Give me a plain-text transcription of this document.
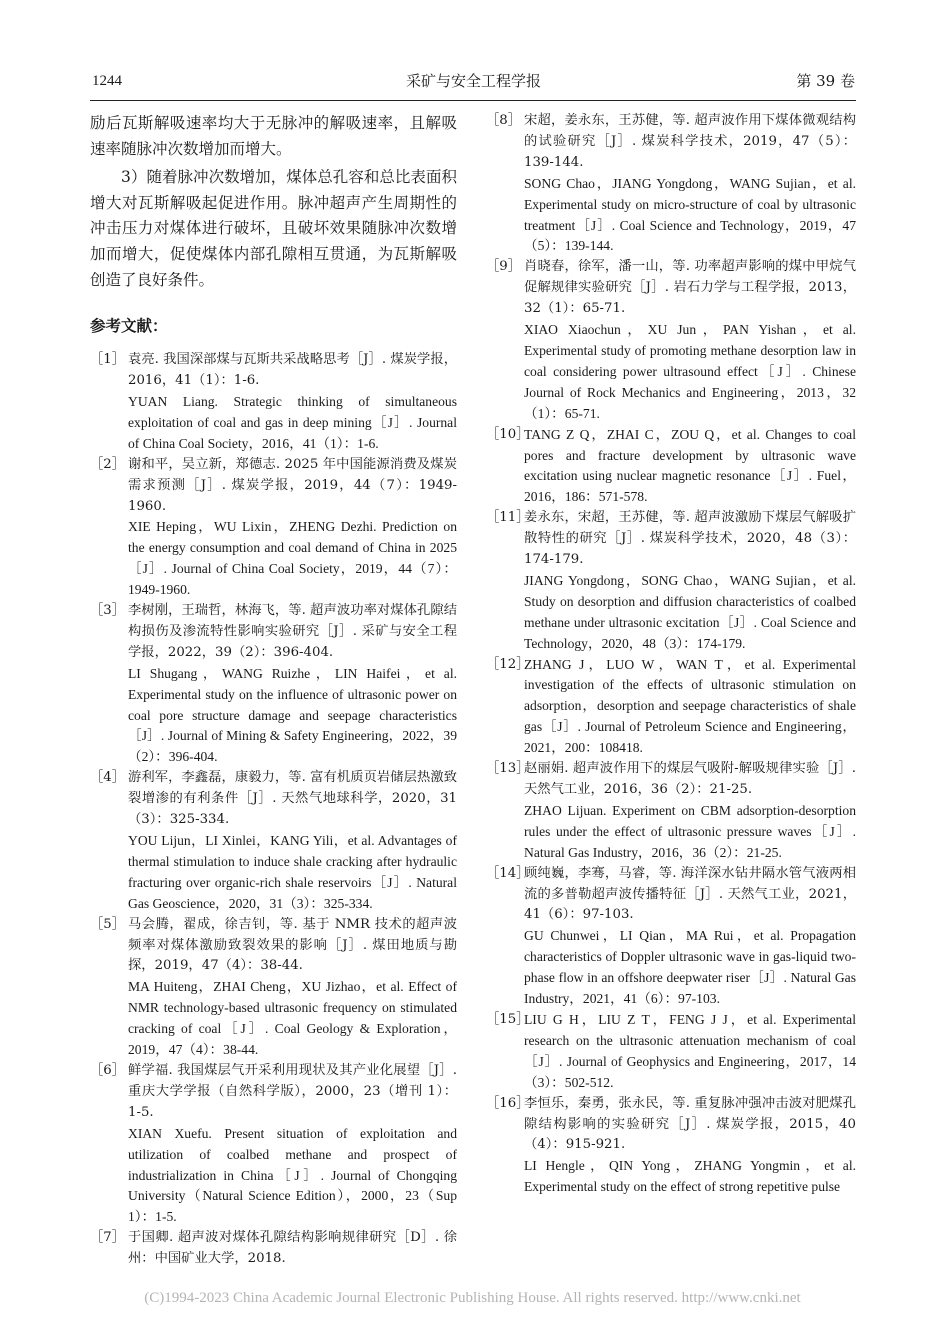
1244	采矿与安全工程学报	第 39 卷

励后瓦斯解吸速率均大于无脉冲的解吸速率，且解吸速率随脉冲次数增加而增大。

　　3）随着脉冲次数增加，煤体总孔容和总比表面积增大对瓦斯解吸起促进作用。脉冲超声产生周期性的冲击压力对煤体进行破坏，且破坏效果随脉冲次数增加而增大，促使煤体内部孔隙相互贯通，为瓦斯解吸创造了良好条件。

参考文献：
［1］ 袁亮. 我国深部煤与瓦斯共采战略思考［J］. 煤炭学报，2016，41（1）：1-6.

YUAN Liang. Strategic thinking of simultaneous exploitation of coal and gas in deep mining［J］. Journal of China Coal Society，2016，41（1）：1-6.

［2］ 谢和平，吴立新，郑德志. 2025 年中国能源消费及煤炭需求预测［J］. 煤炭学报，2019，44（7）：1949-1960.

XIE Heping，WU Lixin，ZHENG Dezhi. Prediction on the energy consumption and coal demand of China in 2025［J］. Journal of China Coal Society，2019，44（7）：1949-1960.

［3］ 李树刚，王瑞哲，林海飞，等. 超声波功率对煤体孔隙结构损伤及渗流特性影响实验研究［J］. 采矿与安全工程学报，2022，39（2）：396-404.

LI Shugang，WANG Ruizhe，LIN Haifei，et al. Experimental study on the influence of ultrasonic power on coal pore structure damage and seepage characteristics［J］. Journal of Mining & Safety Engineering，2022，39（2）：396-404.

［4］ 游利军，李鑫磊，康毅力，等. 富有机质页岩储层热激致裂增渗的有利条件［J］. 天然气地球科学，2020，31（3）：325-334.

YOU Lijun，LI Xinlei，KANG Yili，et al. Advantages of thermal stimulation to induce shale cracking after hydraulic fracturing over organic-rich shale reservoirs［J］. Natural Gas Geoscience，2020，31（3）：325-334.

［5］ 马会腾，翟成，徐吉钊，等. 基于 NMR 技术的超声波频率对煤体激励致裂效果的影响［J］. 煤田地质与勘探，2019，47（4）：38-44.

MA Huiteng，ZHAI Cheng，XU Jizhao，et al. Effect of NMR technology-based ultrasonic frequency on stimulated cracking of coal［J］. Coal Geology & Exploration，2019，47（4）：38-44.

［6］ 鲜学福. 我国煤层气开采利用现状及其产业化展望［J］. 重庆大学学报（自然科学版），2000，23（增刊 1）：1-5.

XIAN Xuefu. Present situation of exploitation and utilization of coalbed methane and prospect of industrialization in China［J］. Journal of Chongqing University（Natural Science Edition），2000，23（Sup 1）：1-5.

［7］ 于国卿. 超声波对煤体孔隙结构影响规律研究［D］. 徐州：中国矿业大学，2018.

［8］ 宋超，姜永东，王苏健，等. 超声波作用下煤体微观结构的试验研究［J］. 煤炭科学技术，2019，47（5）：139-144.

SONG Chao，JIANG Yongdong，WANG Sujian，et al. Experimental study on micro-structure of coal by ultrasonic treatment［J］. Coal Science and Technology，2019，47（5）：139-144.

［9］ 肖晓春，徐军，潘一山，等. 功率超声影响的煤中甲烷气促解规律实验研究［J］. 岩石力学与工程学报，2013，32（1）：65-71.

XIAO Xiaochun，XU Jun，PAN Yishan，et al. Experimental study of promoting methane desorption law in coal considering power ultrasound effect［J］. Chinese Journal of Rock Mechanics and Engineering，2013，32（1）：65-71.

［10］

TANG Z Q，ZHAI C，ZOU Q，et al. Changes to coal pores and fracture development by ultrasonic wave excitation using nuclear magnetic resonance［J］. Fuel，2016，186：571-578.

［11］

姜永东，宋超，王苏健，等. 超声波激励下煤层气解吸扩散特性的研究［J］. 煤炭科学技术，2020，48（3）：174-179.

JIANG Yongdong，SONG Chao，WANG Sujian，et al. Study on desorption and diffusion characteristics of coalbed methane under ultrasonic excitation［J］. Coal Science and Technology，2020，48（3）：174-179.

［12］

ZHANG J，LUO W，WAN T，et al. Experimental investigation of the effects of ultrasonic stimulation on adsorption，desorption and seepage characteristics of shale gas［J］. Journal of Petroleum Science and Engineering，2021，200：108418.

［13］

赵丽娟. 超声波作用下的煤层气吸附-解吸规律实验［J］. 天然气工业，2016，36（2）：21-25.

ZHAO Lijuan. Experiment on CBM adsorption-desorption rules under the effect of ultrasonic pressure waves［J］. Natural Gas Industry，2016，36（2）：21-25.

［14］

顾纯巍，李骞，马睿，等. 海洋深水钻井隔水管气液两相流的多普勒超声波传播特征［J］. 天然气工业，2021，41（6）：97-103.

GU Chunwei，LI Qian，MA Rui，et al. Propagation characteristics of Doppler ultrasonic wave in gas-liquid two-phase flow in an offshore deepwater riser［J］. Natural Gas Industry，2021，41（6）：97-103.

［15］

LIU G H，LIU Z T，FENG J J，et al. Experimental research on the ultrasonic attenuation mechanism of coal［J］. Journal of Geophysics and Engineering，2017，14（3）：502-512.

［16］

李恒乐，秦勇，张永民，等. 重复脉冲强冲击波对肥煤孔隙结构影响的实验研究［J］. 煤炭学报，2015，40（4）：915-921.

LI Hengle，QIN Yong，ZHANG Yongmin，et al. Experimental study on the effect of strong repetitive pulse

(C)1994-2023 China Academic Journal Electronic Publishing House. All rights reserved. http://www.cnki.net
